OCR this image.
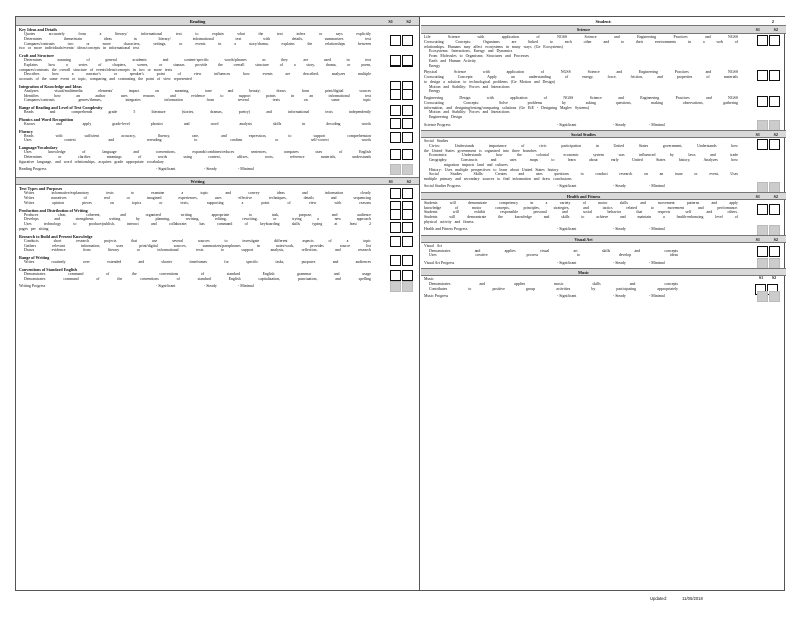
Reading	S1	S2
Key Ideas and Details
Quotes accurately from a literary/ informational text to explain what the text infers or says explicitly
Determines theme/main ideas in literary/ informational text with details, summarizes text
Compares/contrasts two or more characters, settings, or events in a story/drama, explains the relationships between
two or more individuals/events/ ideas/concepts in informational text
Craft and Structure
Determines meaning of general academic and content-specific words/phrases as they are used in text
Explains how a series of chapters, scenes, or stanzas provide the overall structure of a story, drama, or poem,
compares/contrasts the overall structure of events/ideas/concepts in two or more texts
Describes how a narrator's or speaker's point of view influences how events are described, analyzes multiple
accounts of the same event or topic, comparing and contrasting the point of view represented
Integration of Knowledge and Ideas
Analyzes visual/multimedia elements' impact on meaning, tone and beauty; draws from print/digital sources
Identifies how an author uses reasons and evidence to support points in an informational text
Compares/contrasts genres/themes, integrates information from several texts on same topic
Range of Reading and Level of Text Complexity
Reads and comprehends grade 5 literature (stories, dramas, poetry) and informational texts independently
Phonics and Word Recognition
Knows and apply grade-level phonics and word analysis skills in decoding words
Fluency
Reads with sufficient accuracy, fluency, rate, and expression, to support comprehension
Uses context and rereading to confirm or self-correct words
Language/Vocabulary
Uses knowledge of language and conventions, expands/combines/reduces sentences, compares uses of English
Determines or clarifies meanings of words using context, affixes, roots, reference materials, understands
figurative language, and word relationships, acquires grade appropriate vocabulary
Reading Progress	- Significant	- Steady	- Minimal
Writing	S1	S2
Text Types and Purposes
Writes informative/explanatory texts to examine a topic and convey ideas and information clearly
Writes narratives of real or imagined experiences, uses effective techniques, details and sequencing
Writes opinion pieces on topics or texts, supporting a point of view with reasons
Production and Distribution of Writing
Produces clear, coherent, and organized writing appropriate to task, purpose, and audience
Develops and strengthens writing by planning, revising, editing, rewriting, or trying a new approach
Uses technology to produce/publish, interact and collaborate; has command of keyboarding skills typing at least 2
pages per sitting
Research to Build and Present Knowledge
Conducts short research projects that use several sources to investigate different aspects of a topic
Gathers relevant information, uses print/digital sources, summarizes/paraphrases in notes/work, provides source list
Draws evidence from literary or informational texts to support analysis, reflection, and research
Range of Writing
Writes routinely over extended and shorter timeframes for specific tasks, purposes and audiences
Conventions of Standard English
Demonstrates command of the conventions of standard English grammar and usage
Demonstrates command of the conventions of standard English capitalization, punctuation, and spelling
Writing Progress	- Significant	- Steady	- Minimal
Student:	2
Science	S1	S2
Life Science with application of NGSS Science and Engineering Practices and NGSS
Crosscutting Concepts: Organisms are linked to each other and to their environments in a web of
relationships. Humans may affect ecosystems in many ways (Ge Ecosystems)
Ecosystems: Interactions, Energy and Dynamics
From Molecules to Organisms: Structures and Processes
Earth and Human Activity
Energy
Physical Science with application of NGSS Science and Engineering Practices and NGSS
Crosscutting Concepts: Apply an understanding of energy, force, friction, and properties of materials
to design a solution to technological problems (Ge Motion and Design)
Motion and Stability: Forces and Interactions
Energy
Engineering Design with application of NGSS Science and Engineering Practices and NGSS
Crosscutting Concepts: Solve problems by asking questions, making observations, gathering
information, and designing/testing/comparing solutions (Ge EiE - Designing Maglev Systems)
Motion and Stability: Forces and Interactions
Engineering Design
Science Progress	- Significant	- Steady	- Minimal
Social Studies	S1	S2
Social Studies
Civics: Understands importance of civic participation in United States government, Understands how
the United States government is organized into three branches
Economics: Understands how the colonial economic system was influenced by laws and trade
Geography: Constructs and uses maps to learn about early United States history, Analyzes how
migration impacts land and cultures
History: Uses multiple perspectives to learn about United States history
Social Studies Skills: Creates and uses questions to conduct research on an issue or event, Uses
multiple primary and secondary sources to find information and draw conclusions
Social Studies Progress	- Significant	- Steady	- Minimal
Health and Fitness	S1	S2
Students will demonstrate competency in a variety of motor skills and movement patterns and apply
knowledge of motor concepts, principles, strategies, and tactics related to movement and performance.
Students will exhibit responsible personal and social behavior that respects self and others.
Students will demonstrate the knowledge and skills to achieve and maintain a health-enhancing level of
physical activity and fitness.
Health and Fitness Progress	- Significant	- Steady	- Minimal
Visual Art	S1	S2
Visual Art
Demonstrates and applies visual art skills and concepts
Uses creative process to develop ideas
Visual Art Progress	- Significant	- Steady	- Minimal
Music
Music
Demonstrates and applies music skills and concepts
Contributes to positive group activities by participating appropriately
S1	S2
Music Progress	- Significant	- Steady	- Minimal
Updated:	11/05/2018
